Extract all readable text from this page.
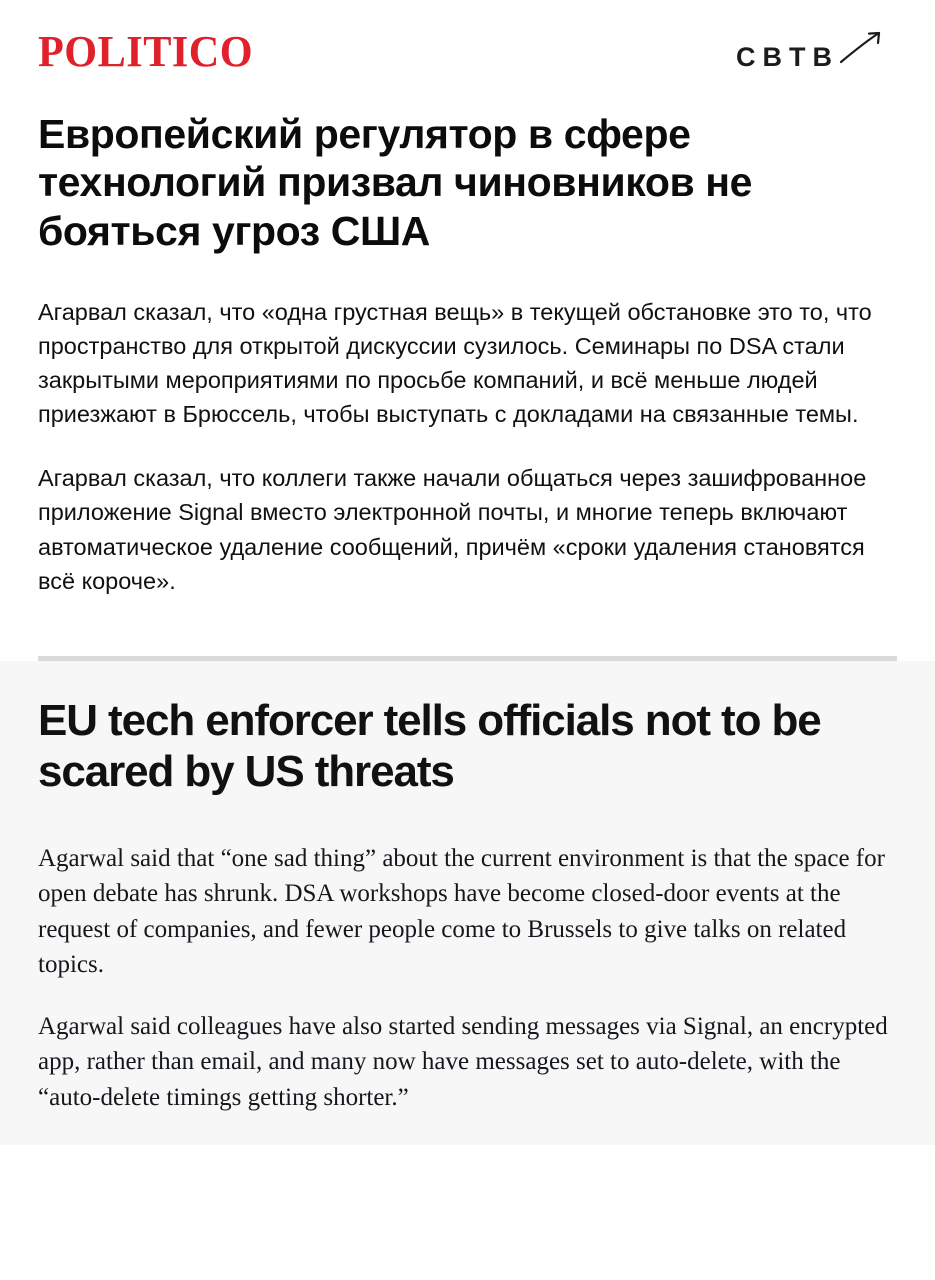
POLITICO	CBTB
Европейский регулятор в сфере технологий призвал чиновников не бояться угроз США

Агарвал сказал, что «одна грустная вещь» в текущей обстановке это то, что пространство для открытой дискуссии сузилось. Семинары по DSA стали закрытыми мероприятиями по просьбе компаний, и всё меньше людей приезжают в Брюссель, чтобы выступать с докладами на связанные темы.

Агарвал сказал, что коллеги также начали общаться через зашифрованное приложение Signal вместо электронной почты, и многие теперь включают автоматическое удаление сообщений, причём «сроки удаления становятся всё короче».

EU tech enforcer tells officials not to be scared by US threats

Agarwal said that “one sad thing” about the current environment is that the space for open debate has shrunk. DSA workshops have become closed-door events at the request of companies, and fewer people come to Brussels to give talks on related topics.

Agarwal said colleagues have also started sending messages via Signal, an encrypted app, rather than email, and many now have messages set to auto-delete, with the “auto-delete timings getting shorter.”
